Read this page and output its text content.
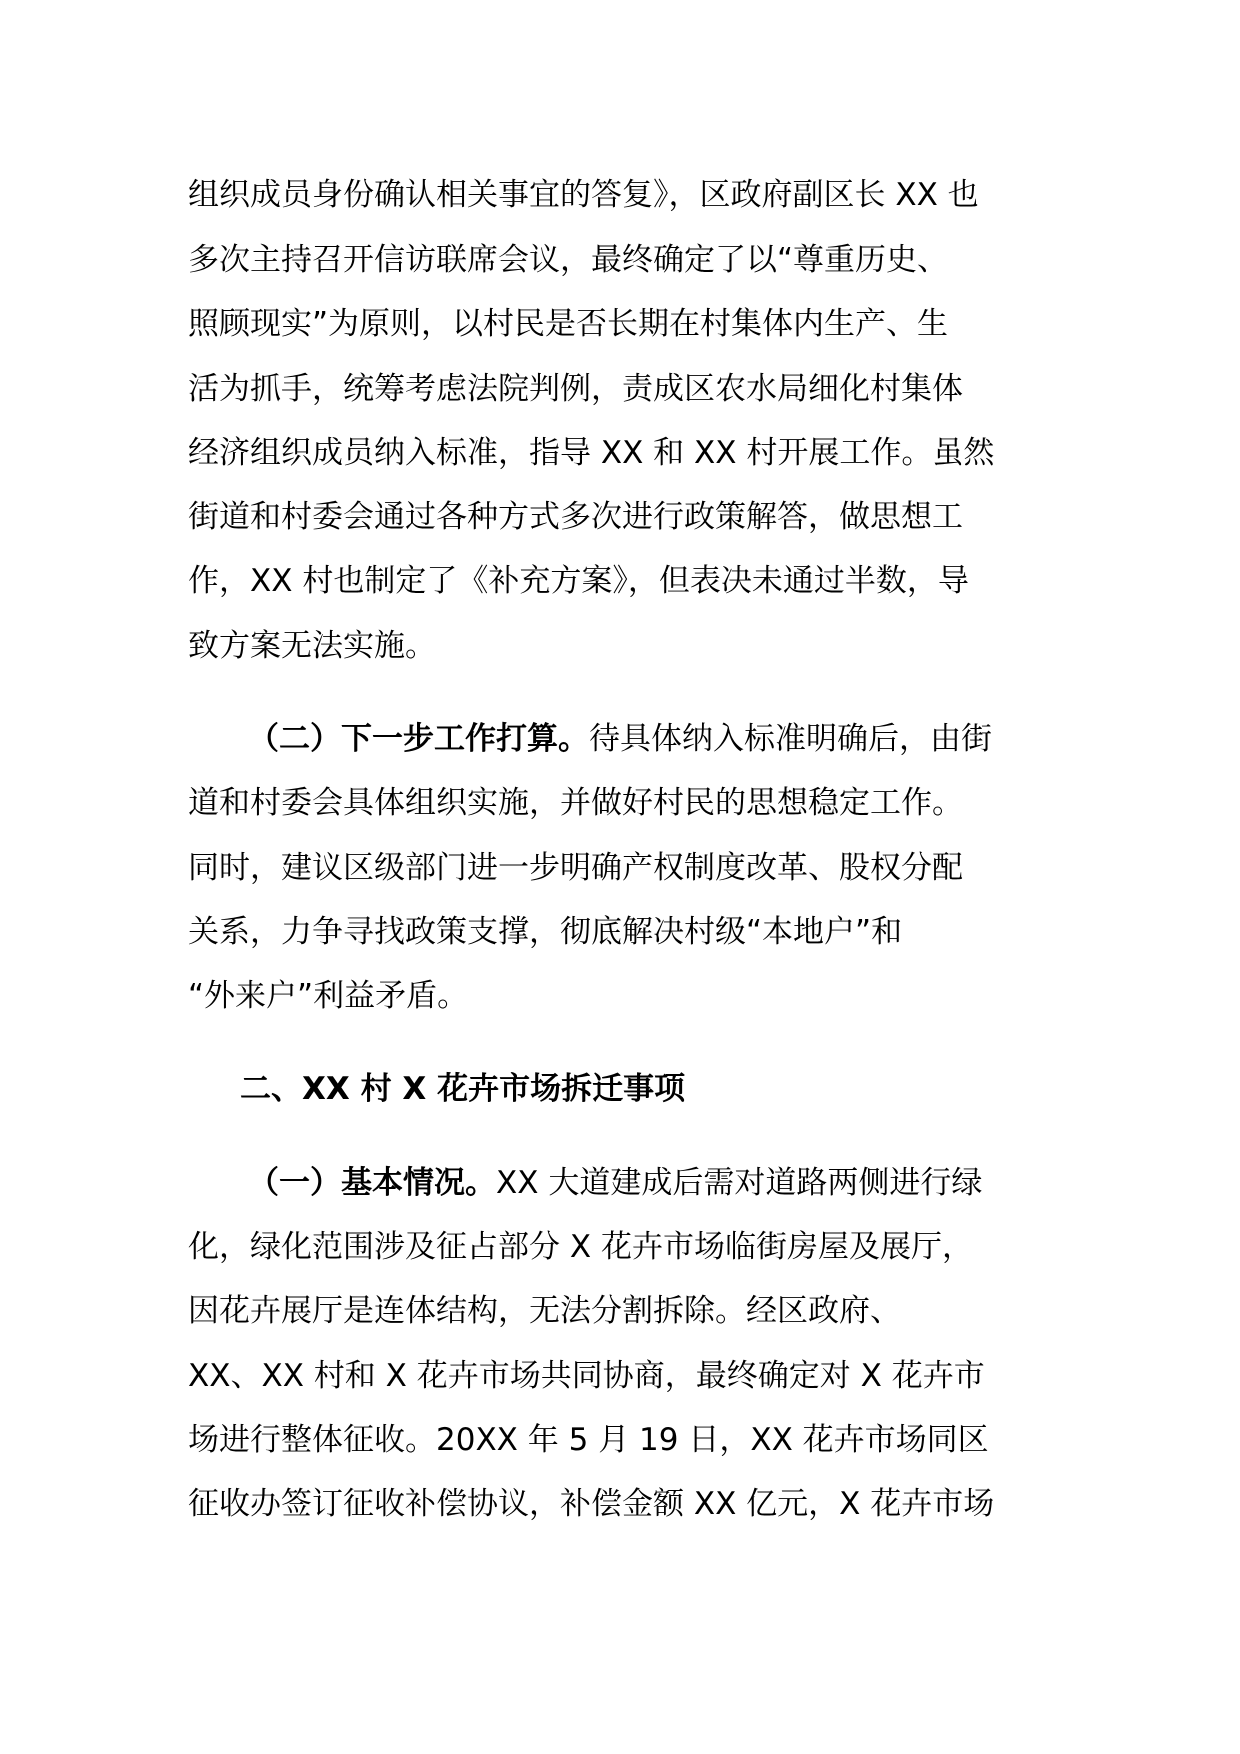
组织成员身份确认相关事宜的答复》，区政府副区长 XX 也
多次主持召开信访联席会议，最终确定了以“尊重历史、
照顾现实”为原则，以村民是否长期在村集体内生产、生
活为抓手，统筹考虑法院判例，责成区农水局细化村集体
经济组织成员纳入标准，指导 XX 和 XX 村开展工作。虽然
街道和村委会通过各种方式多次进行政策解答，做思想工
作，XX 村也制定了《补充方案》，但表决未通过半数，导
致方案无法实施。
（二）下一步工作打算。待具体纳入标准明确后，由街
道和村委会具体组织实施，并做好村民的思想稳定工作。
同时，建议区级部门进一步明确产权制度改革、股权分配
关系，力争寻找政策支撑，彻底解决村级“本地户”和
“外来户”利益矛盾。
二、XX 村 X 花卉市场拆迁事项
（一）基本情况。XX 大道建成后需对道路两侧进行绿
化，绿化范围涉及征占部分 X 花卉市场临街房屋及展厅，
因花卉展厅是连体结构，无法分割拆除。经区政府、
XX、XX 村和 X 花卉市场共同协商，最终确定对 X 花卉市
场进行整体征收。20XX 年 5 月 19 日，XX 花卉市场同区
征收办签订征收补偿协议，补偿金额 XX 亿元，X 花卉市场
